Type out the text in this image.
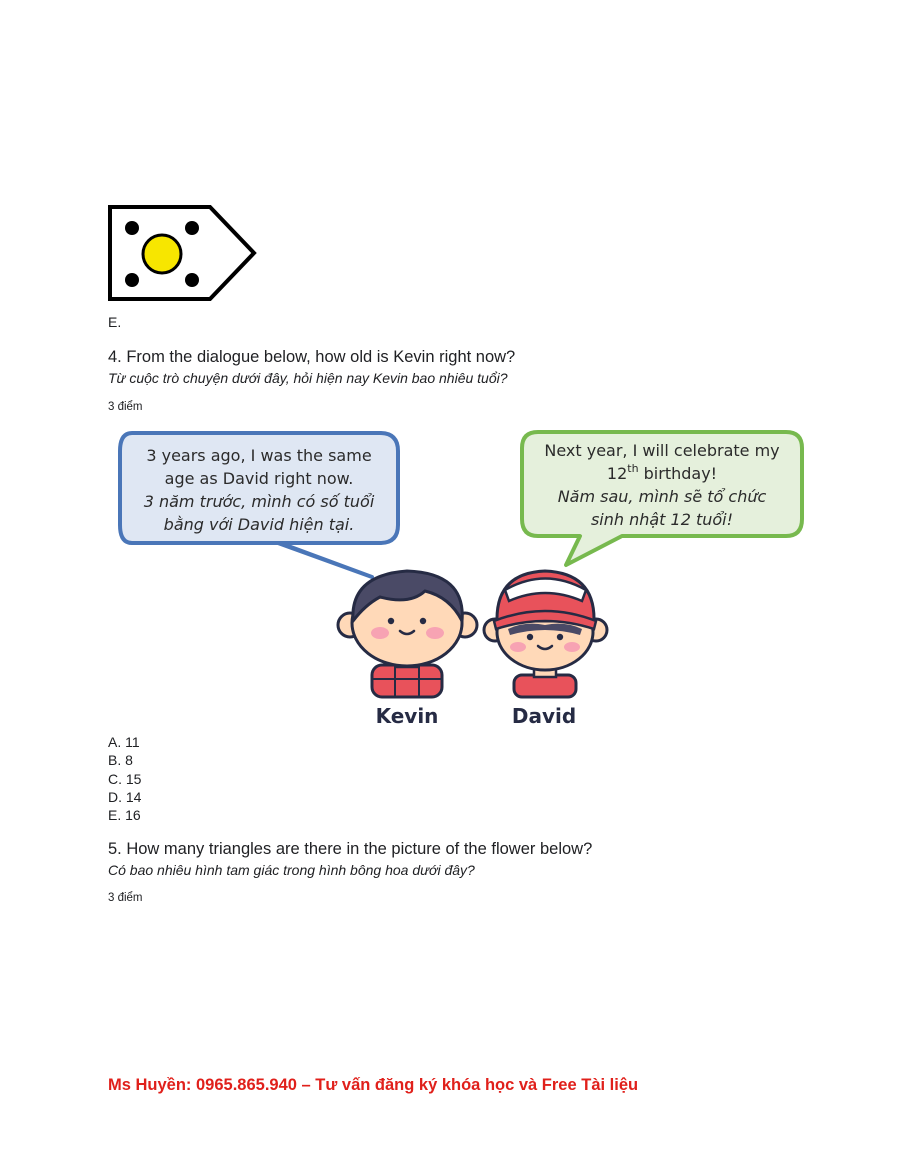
E.
4. From the dialogue below, how old is Kevin right now?
Từ cuộc trò chuyện dưới đây, hỏi hiện nay Kevin bao nhiêu tuổi?
3 điểm
3 years ago, I was the same
age as David right now.
3 năm trước, mình có số tuổi
bằng với David hiện tại.
Next year, I will celebrate my
12th birthday!
Năm sau, mình sẽ tổ chức
sinh nhật 12 tuổi!
Kevin	David
A. 11
B. 8
C. 15
D. 14
E. 16
5. How many triangles are there in the picture of the flower below?
Có bao nhiêu hình tam giác trong hình bông hoa dưới đây?
3 điểm
Ms Huyền: 0965.865.940 – Tư vấn đăng ký khóa học và Free Tài liệu
